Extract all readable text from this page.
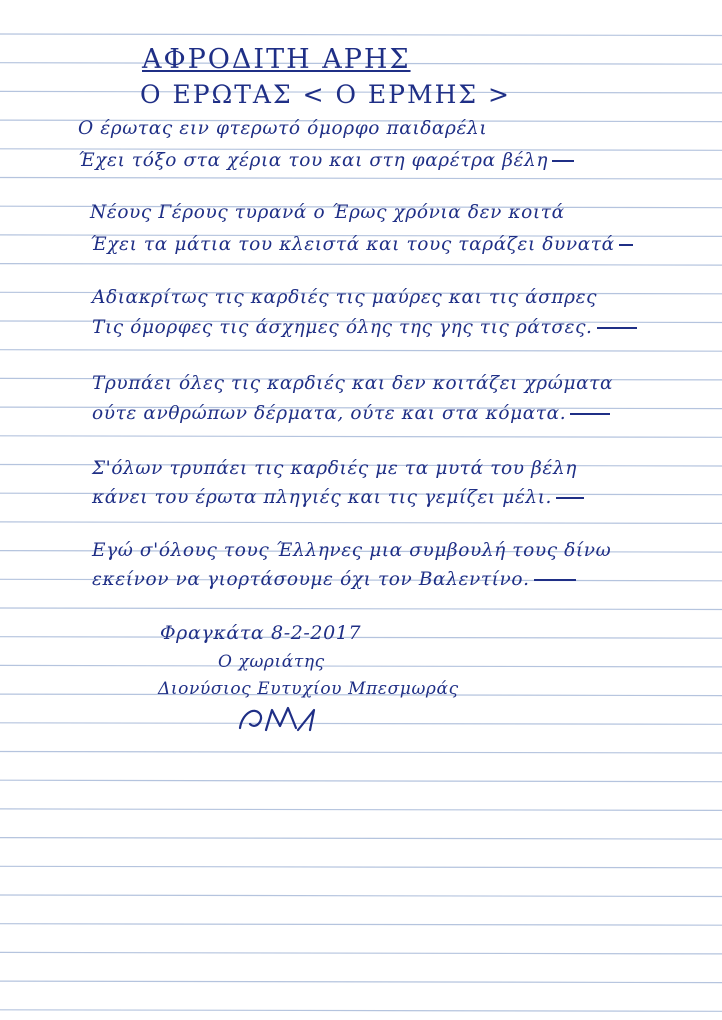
ΑΦΡΟΔΙΤΗ ΑΡΗΣ
Ο ΕΡΩΤΑΣ < Ο ΕΡΜΗΣ >
Ο έρωτας ειν φτερωτό όμορφο παιδαρέλι
Έχει τόξο στα χέρια του και στη φαρέτρα βέλη
Νέους Γέρους τυρανά ο Έρως χρόνια δεν κοιτά
Έχει τα μάτια του κλειστά και τους ταράζει δυνατά
Αδιακρίτως τις καρδιές τις μαύρες και τις άσπρες
Τις όμορφες τις άσχημες όλης της γης τις ράτσες.
Τρυπάει όλες τις καρδιές και δεν κοιτάζει χρώματα
ούτε ανθρώπων δέρματα, ούτε και στα κόματα.
Σ'όλων τρυπάει τις καρδιές με τα μυτά του βέλη
κάνει του έρωτα πληγιές και τις γεμίζει μέλι.
Εγώ σ'όλους τους Έλληνες μια συμβουλή τους δίνω
εκείνον να γιορτάσουμε όχι τον Βαλεντίνο.
Φραγκάτα 8-2-2017
Ο χωριάτης
Διονύσιος Ευτυχίου Μπεσμωράς
